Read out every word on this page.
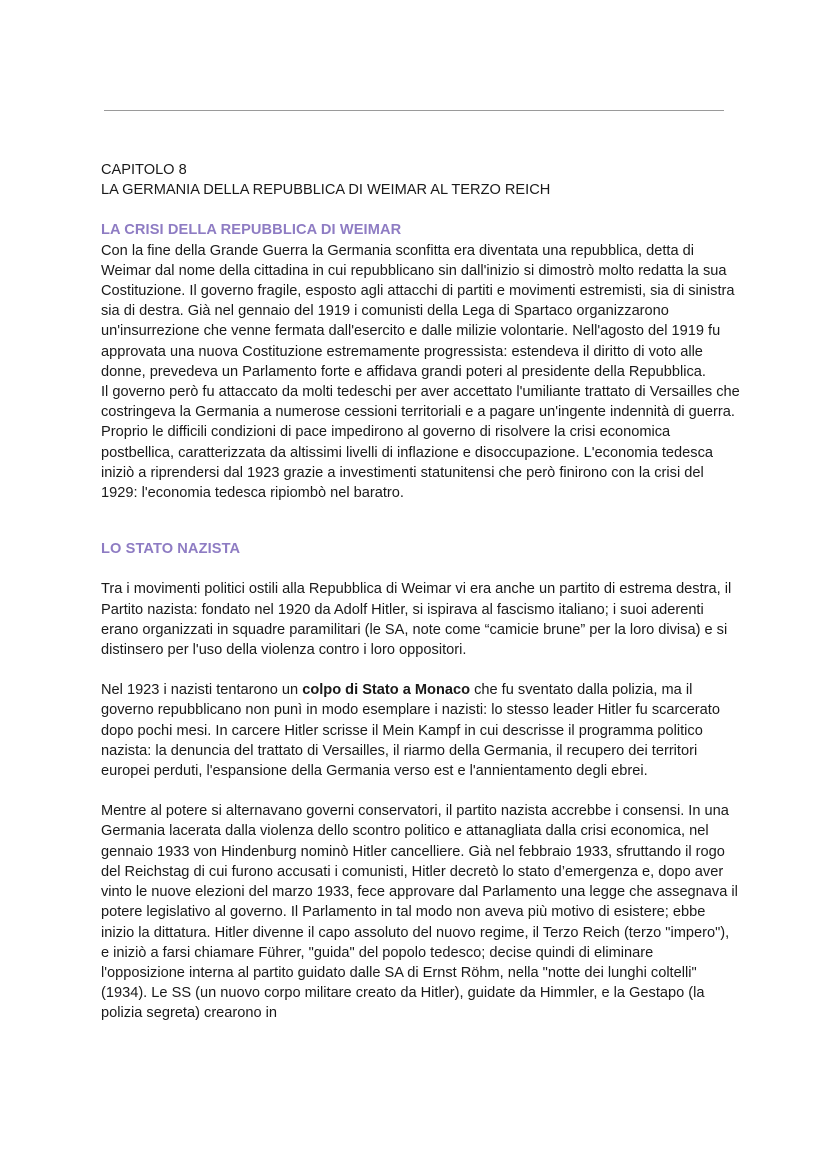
CAPITOLO 8
LA GERMANIA DELLA REPUBBLICA DI WEIMAR AL TERZO REICH

LA CRISI DELLA REPUBBLICA DI WEIMAR

Con la fine della Grande Guerra la Germania sconfitta era diventata una repubblica, detta di Weimar dal nome della cittadina in cui repubblicano sin dall'inizio si dimostrò molto redatta la sua Costituzione. Il governo fragile, esposto agli attacchi di partiti e movimenti estremisti, sia di sinistra sia di destra. Già nel gennaio del 1919 i comunisti della Lega di Spartaco organizzarono un'insurrezione che venne fermata dall'esercito e dalle milizie volontarie. Nell'agosto del 1919 fu approvata una nuova Costituzione estremamente progressista: estendeva il diritto di voto alle donne, prevedeva un Parlamento forte e affidava grandi poteri al presidente della Repubblica.

Il governo però fu attaccato da molti tedeschi per aver accettato l'umiliante trattato di Versailles che costringeva la Germania a numerose cessioni territoriali e a pagare un'ingente indennità di guerra. Proprio le difficili condizioni di pace impedirono al governo di risolvere la crisi economica postbellica, caratterizzata da altissimi livelli di inflazione e disoccupazione. L'economia tedesca iniziò a riprendersi dal 1923 grazie a investimenti statunitensi che però finirono con la crisi del 1929: l'economia tedesca ripiombò nel baratro.

LO STATO NAZISTA

Tra i movimenti politici ostili alla Repubblica di Weimar vi era anche un partito di estrema destra, il Partito nazista: fondato nel 1920 da Adolf Hitler, si ispirava al fascismo italiano; i suoi aderenti erano organizzati in squadre paramilitari (le SA, note come “camicie brune” per la loro divisa) e si distinsero per l'uso della violenza contro i loro oppositori.

Nel 1923 i nazisti tentarono un colpo di Stato a Monaco che fu sventato dalla polizia, ma il governo repubblicano non punì in modo esemplare i nazisti: lo stesso leader Hitler fu scarcerato dopo pochi mesi. In carcere Hitler scrisse il Mein Kampf in cui descrisse il programma politico nazista: la denuncia del trattato di Versailles, il riarmo della Germania, il recupero dei territori europei perduti, l'espansione della Germania verso est e l'annientamento degli ebrei.

Mentre al potere si alternavano governi conservatori, il partito nazista accrebbe i consensi. In una Germania lacerata dalla violenza dello scontro politico e attanagliata dalla crisi economica, nel gennaio 1933 von Hindenburg nominò Hitler cancelliere. Già nel febbraio 1933, sfruttando il rogo del Reichstag di cui furono accusati i comunisti, Hitler decretò lo stato d’emergenza e, dopo aver vinto le nuove elezioni del marzo 1933, fece approvare dal Parlamento una legge che assegnava il potere legislativo al governo. Il Parlamento in tal modo non aveva più motivo di esistere; ebbe inizio la dittatura. Hitler divenne il capo assoluto del nuovo regime, il Terzo Reich (terzo "impero"), e iniziò a farsi chiamare Führer, "guida" del popolo tedesco; decise quindi di eliminare l'opposizione interna al partito guidato dalle SA di Ernst Röhm, nella "notte dei lunghi coltelli" (1934). Le SS (un nuovo corpo militare creato da Hitler), guidate da Himmler, e la Gestapo (la polizia segreta) crearono in
